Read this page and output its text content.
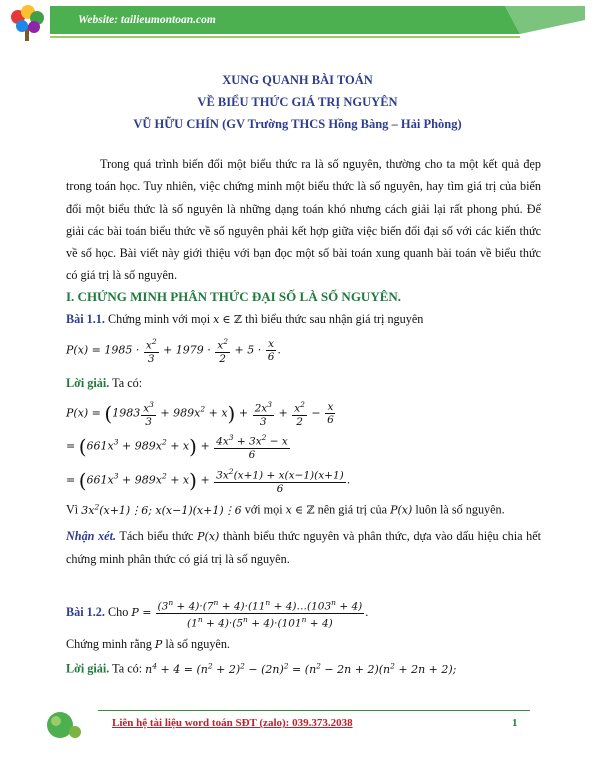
Website: tailieumontoan.com
XUNG QUANH BÀI TOÁN
VỀ BIỂU THỨC GIÁ TRỊ NGUYÊN
VŨ HỮU CHÍN (GV Trường THCS Hồng Bàng – Hải Phòng)
Trong quá trình biến đổi một biểu thức ra là số nguyên, thường cho ta một kết quả đẹp trong toán học. Tuy nhiên, việc chứng minh một biểu thức là số nguyên, hay tìm giá trị của biến đổi một biểu thức là số nguyên là những dạng toán khó nhưng cách giải lại rất phong phú. Để giải các bài toán biểu thức về số nguyên phải kết hợp giữa việc biến đổi đại số với các kiến thức về số học. Bài viết này giới thiệu với bạn đọc một số bài toán xung quanh bài toán về biểu thức có giá trị là số nguyên.
I. CHỨNG MINH PHÂN THỨC ĐẠI SỐ LÀ SỐ NGUYÊN.
Bài 1.1. Chứng minh với mọi x ∈ ℤ thì biểu thức sau nhận giá trị nguyên
$P(x) = 1985 \cdot \frac{x^2}{3} + 1979 \cdot \frac{x^2}{2} + 5 \cdot \frac{x}{6}$ .
Lời giải. Ta có:
$P(x) = (1983 \frac{x^3}{3} + 989x^2 + x) + \frac{2x^3}{3} + \frac{x^2}{2} - \frac{x}{6}$
= $(661x^3 + 989x^2 + x) + \frac{4x^3 + 3x^2 - x}{6}$
= $(661x^3 + 989x^2 + x) + \frac{3x^2(x+1) + x(x-1)(x+1)}{6}$ .
Vì $3x^2(x+1)⋮6$; x(x−1)(x+1)⋮6 với mọi x ∈ ℤ nên giá trị của P(x) luôn là số nguyên.
Nhận xét. Tách biểu thức P(x) thành biểu thức nguyên và phân thức, dựa vào dấu hiệu chia hết chứng minh phân thức có giá trị là số nguyên.
Bài 1.2. Cho $P = \frac{(3^n + 4)\cdot(7^n + 4)\cdot(11^n + 4)\dots(103^n + 4)}{(1^n + 4)\cdot(5^n + 4)\cdot(101^n + 4)}$ .
Chứng minh rằng P là số nguyên.
Lời giải. Ta có: $n^4 + 4 = (n^2 + 2)^2 - (2n)^2 = (n^2 - 2n + 2)(n^2 + 2n + 2)$;
Liên hệ tài liệu word toán SĐT (zalo): 039.373.2038	1
